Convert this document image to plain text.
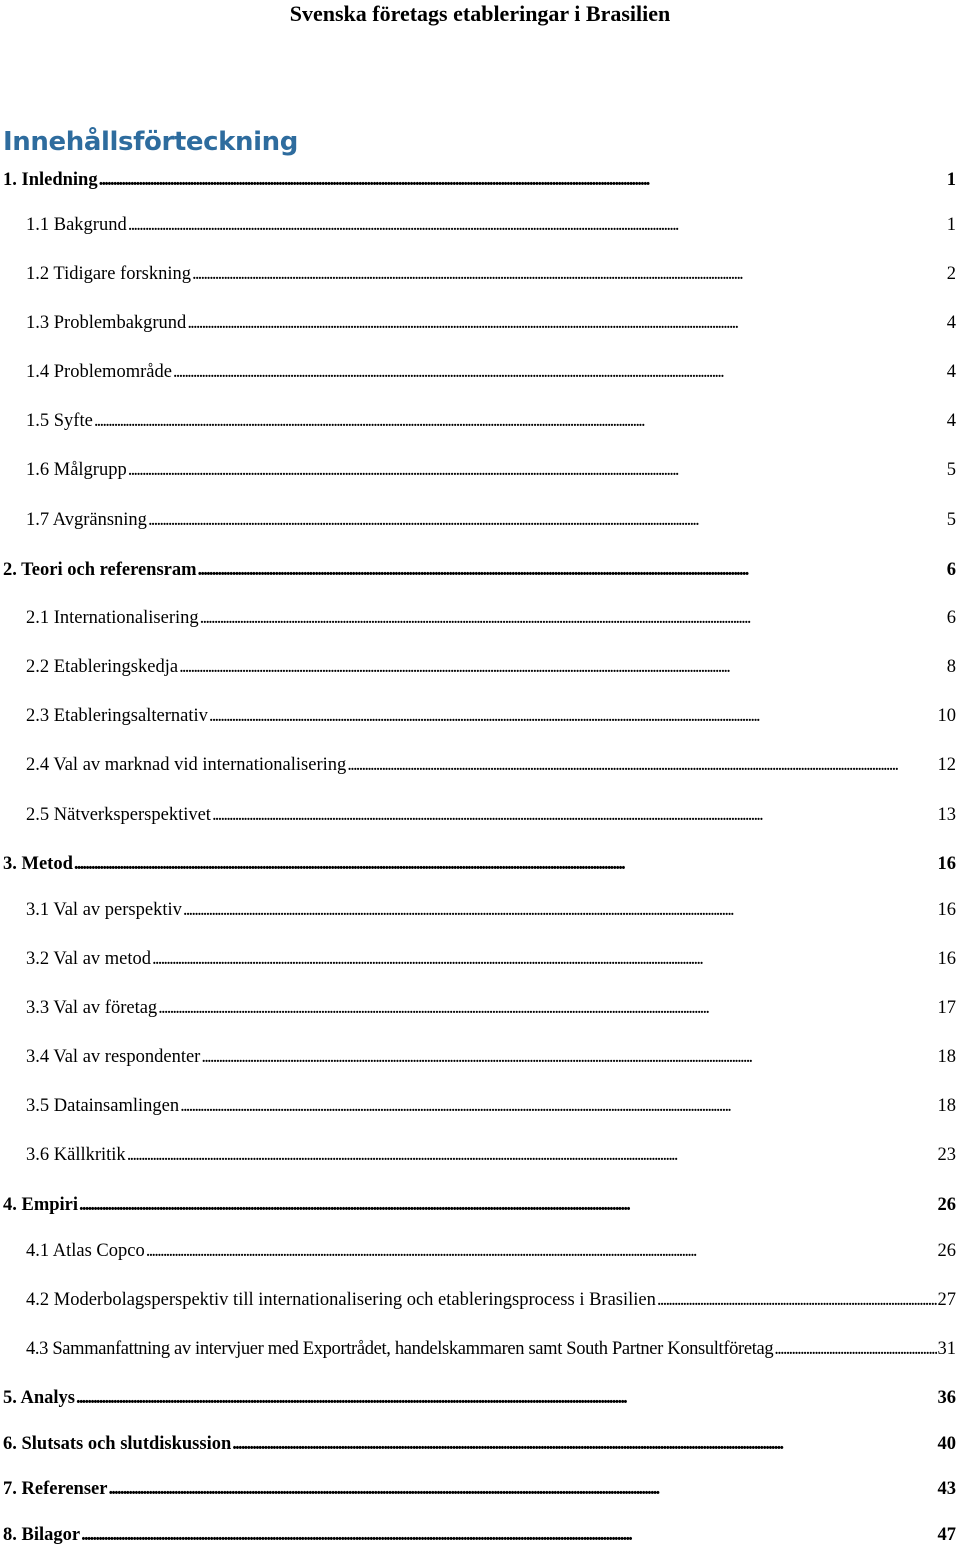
Svenska företags etableringar i Brasilien
Innehållsförteckning
1. Inledning . . .	1
1.1 Bakgrund . . .	1
1.2 Tidigare forskning . . .	2
1.3 Problembakgrund . . .	4
1.4 Problemområde . . .	4
1.5 Syfte . . .	4
1.6 Målgrupp . . .	5
1.7 Avgränsning . . .	5
2. Teori och referensram . . .	6
2.1 Internationalisering . . .	6
2.2 Etableringskedja . . .	8
2.3 Etableringsalternativ . . .	10
2.4 Val av marknad vid internationalisering . . .	12
2.5 Nätverksperspektivet . . .	13
3. Metod . . .	16
3.1 Val av perspektiv . . .	16
3.2 Val av metod . . .	16
3.3 Val av företag . . .	17
3.4 Val av respondenter . . .	18
3.5 Datainsamlingen . . .	18
3.6 Källkritik . . .	23
4. Empiri . . .	26
4.1 Atlas Copco . . .	26
4.2 Moderbolagsperspektiv till internationalisering och etableringsprocess i Brasilien . . .	27
4.3 Sammanfattning av intervjuer med Exportrådet, handelskammaren samt South Partner Konsultföretag . . .	31
5. Analys . . .	36
6. Slutsats och slutdiskussion . . .	40
7. Referenser . . .	43
8. Bilagor . . .	47
